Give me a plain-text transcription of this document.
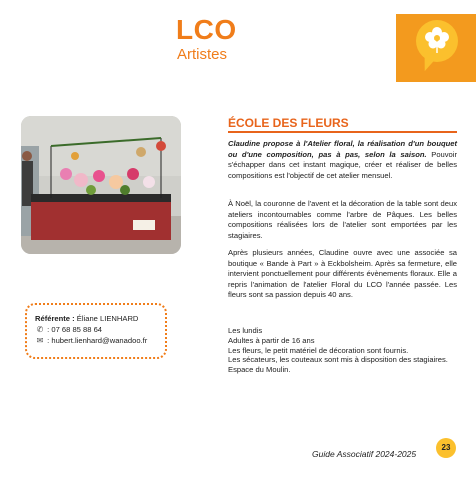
LCO
Artistes
ÉCOLE DES FLEURS
Claudine propose à l'Atelier floral, la réalisation d'un bouquet ou d'une composition, pas à pas, selon la saison. Pouvoir s'échapper dans cet instant magique, créer et réaliser de belles compositions est l'objectif de cet atelier mensuel.
À Noël, la couronne de l'avent et la décoration de la table sont deux ateliers incontournables comme l'arbre de Pâques. Les belles compositions réalisées lors de l'atelier sont emportées par les stagiaires.
Après plusieurs années, Claudine ouvre avec une associée sa boutique « Bande à Part » à Eckbolsheim. Après sa fermeture, elle intervient ponctuellement pour différents évènements floraux. Elle a repris l'animation de l'atelier Floral du LCO l'année passée. Les fleurs sont sa passion depuis 40 ans.
Les lundis
Adultes à partir de 16 ans
Les fleurs, le petit matériel de décoration sont fournis.
Les sécateurs, les couteaux sont mis à disposition des stagiaires.
Espace du Moulin.
Référente : Éliane LIENHARD
✆ : 07 68 85 88 64
✉ : hubert.lienhard@wanadoo.fr
Guide Associatif 2024-2025
23
